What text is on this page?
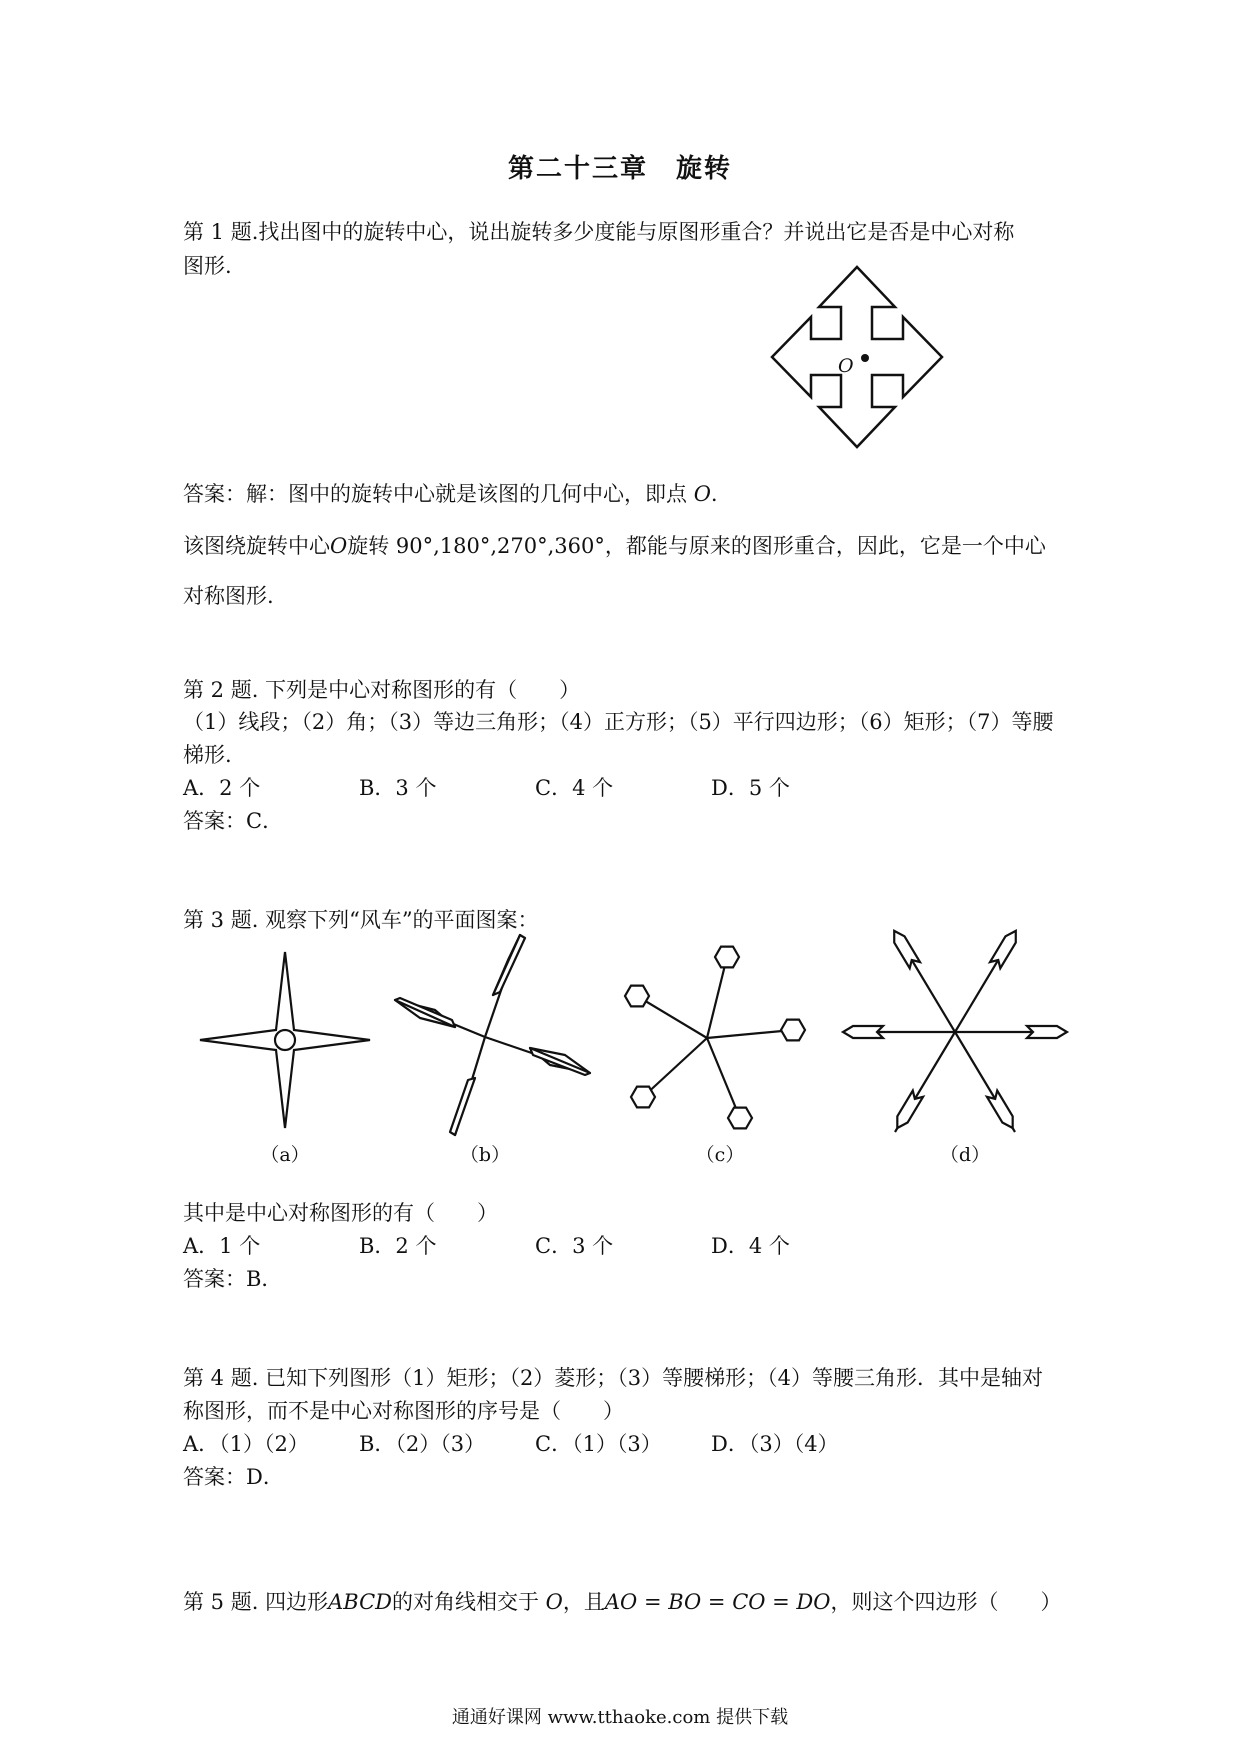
第二十三章　旋转
第 1 题.找出图中的旋转中心，说出旋转多少度能与原图形重合？并说出它是否是中心对称
图形.
O
答案：解：图中的旋转中心就是该图的几何中心，即点 O.
该图绕旋转中心O旋转 90°,180°,270°,360°，都能与原来的图形重合，因此，它是一个中心
对称图形.
第 2 题. 下列是中心对称图形的有（　　）
（1）线段；（2）角；（3）等边三角形；（4）正方形；（5）平行四边形；（6）矩形；（7）等腰
梯形.
A．2 个	B．3 个	C．4 个	D．5 个
答案：C．
第 3 题. 观察下列“风车”的平面图案：
（a）	（b）	（c）	（d）
其中是中心对称图形的有（　　）
A．1 个	B．2 个	C．3 个	D．4 个
答案：B．
第 4 题. 已知下列图形（1）矩形；（2）菱形；（3）等腰梯形；（4）等腰三角形．其中是轴对
称图形，而不是中心对称图形的序号是（　　）
A．（1）（2） B．（2）（3） C．（1）（3） D．（3）（4）
答案：D．
第 5 题. 四边形ABCD的对角线相交于 O，且AO = BO = CO = DO，则这个四边形（　　）
通通好课网 www.tthaoke.com 提供下载
